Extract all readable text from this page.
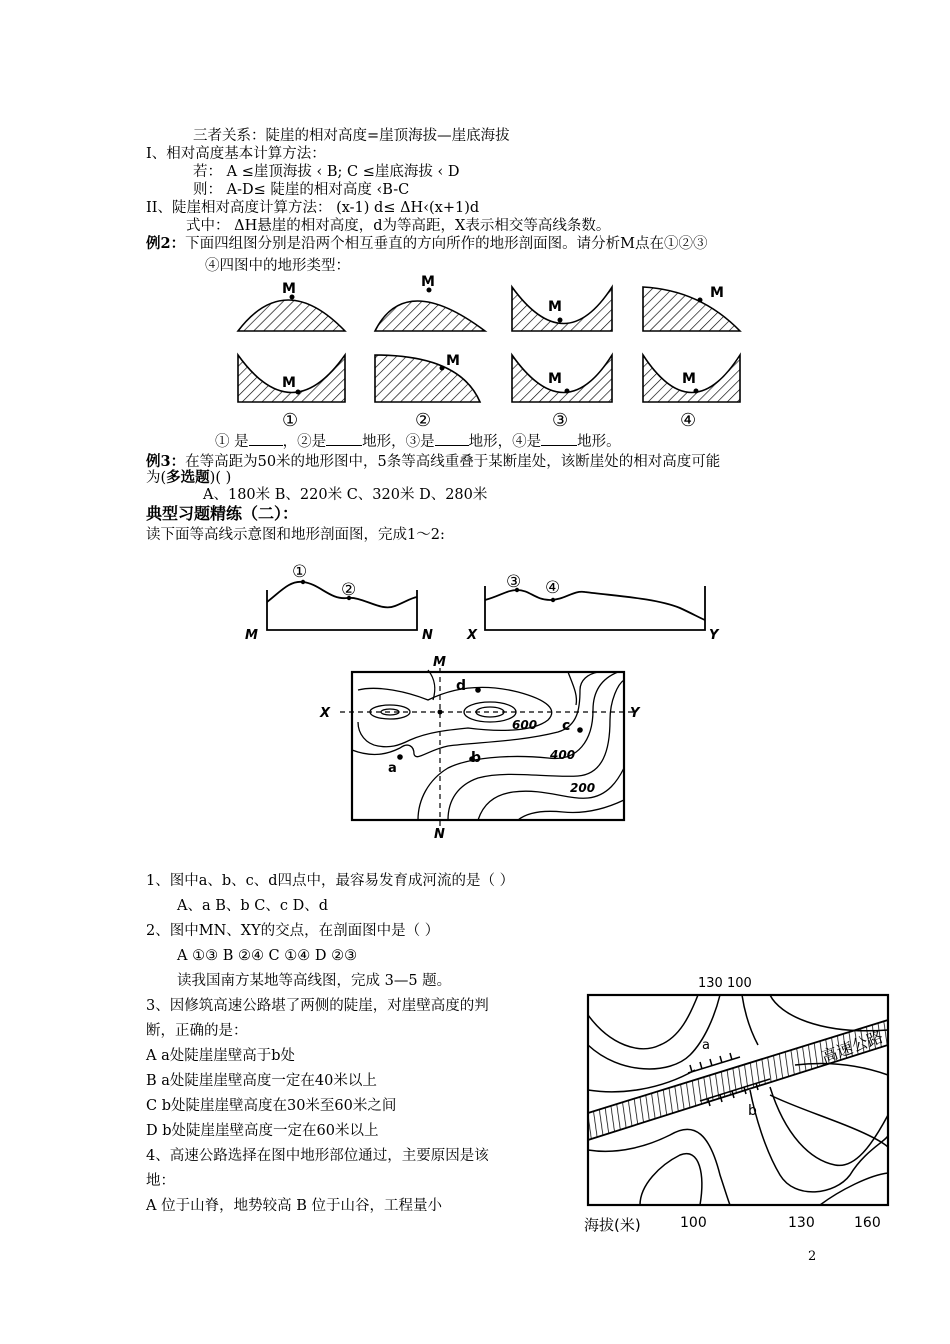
三者关系：陡崖的相对高度=崖顶海拔—崖底海拔
I、相对高度基本计算方法：
若： A ≤崖顶海拔 ‹ B; C ≤崖底海拔 ‹ D
则： A-D≤ 陡崖的相对高度 ‹B-C
II、陡崖相对高度计算方法： (x-1) d≤ ΔH‹(x+1)d
式中： ΔH悬崖的相对高度，d为等高距，X表示相交等高线条数。
例2：下面四组图分别是沿两个相互垂直的方向所作的地形剖面图。请分析M点在①②③
④四图中的地形类型：
M	M
M
M
M
M
M	M
①	②	③	④
① 是 ，②是 地形，③是 地形，④是 地形。
例3：在等高距为50米的地形图中，5条等高线重叠于某断崖处，该断崖处的相对高度可能
为(多选题)( )
A、180米 B、220米 C、320米 D、280米
典型习题精练（二）：
读下面等高线示意图和地形剖面图，完成1～2:
①
②
M	N
③ ④
X	Y
M
N
X	Y
a
b
c
d
600
400
200
1、图中a、b、c、d四点中，最容易发育成河流的是（ ）
A、a B、b C、c D、d
2、图中MN、XY的交点，在剖面图中是（ ）
A ①③ B ②④ C ①④ D ②③
读我国南方某地等高线图，完成 3—5 题。
3、因修筑高速公路堪了两侧的陡崖，对崖壁高度的判
断，正确的是：
A a处陡崖崖壁高于b处
B a处陡崖崖壁高度一定在40米以上
C b处陡崖崖壁高度在30米至60米之间
D b处陡崖崖壁高度一定在60米以上
4、高速公路选择在图中地形部位通过，主要原因是该
地：
A 位于山脊，地势较高 B 位于山谷，工程量小
130 100
a
b
高速公路
海拔(米)	100	130	160
2
